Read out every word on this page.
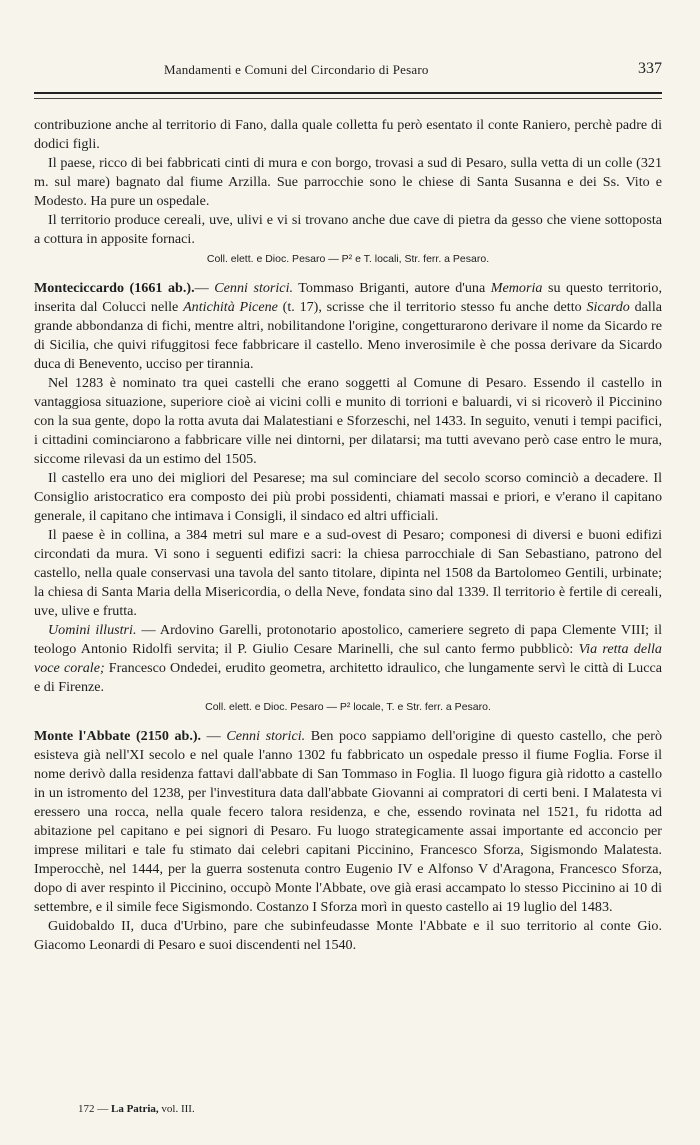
Mandamenti e Comuni del Circondario di Pesaro	337

contribuzione anche al territorio di Fano, dalla quale colletta fu però esentato il conte Raniero, perchè padre di dodici figli.

Il paese, ricco di bei fabbricati cinti di mura e con borgo, trovasi a sud di Pesaro, sulla vetta di un colle (321 m. sul mare) bagnato dal fiume Arzilla. Sue parrocchie sono le chiese di Santa Susanna e dei Ss. Vito e Modesto. Ha pure un ospedale.

Il territorio produce cereali, uve, ulivi e vi si trovano anche due cave di pietra da gesso che viene sottoposta a cottura in apposite fornaci.

Coll. elett. e Dioc. Pesaro — P² e T. locali, Str. ferr. a Pesaro.

Monteciccardo (1661 ab.).— Cenni storici. Tommaso Briganti, autore d'una Memoria su questo territorio, inserita dal Colucci nelle Antichità Picene (t. 17), scrisse che il territorio stesso fu anche detto Sicardo dalla grande abbondanza di fichi, mentre altri, nobilitandone l'origine, congetturarono derivare il nome da Sicardo re di Sicilia, che quivi rifuggitosi fece fabbricare il castello. Meno inverosimile è che possa derivare da Sicardo duca di Benevento, ucciso per tirannia.

Nel 1283 è nominato tra quei castelli che erano soggetti al Comune di Pesaro. Essendo il castello in vantaggiosa situazione, superiore cioè ai vicini colli e munito di torrioni e baluardi, vi si ricoverò il Piccinino con la sua gente, dopo la rotta avuta dai Malatestiani e Sforzeschi, nel 1433. In seguito, venuti i tempi pacifici, i cittadini cominciarono a fabbricare ville nei dintorni, per dilatarsi; ma tutti avevano però case entro le mura, siccome rilevasi da un estimo del 1505.

Il castello era uno dei migliori del Pesarese; ma sul cominciare del secolo scorso cominciò a decadere. Il Consiglio aristocratico era composto dei più probi possidenti, chiamati massai e priori, e v'erano il capitano generale, il capitano che intimava i Consigli, il sindaco ed altri ufficiali.

Il paese è in collina, a 384 metri sul mare e a sud-ovest di Pesaro; componesi di diversi e buoni edifizi circondati da mura. Vi sono i seguenti edifizi sacri: la chiesa parrocchiale di San Sebastiano, patrono del castello, nella quale conservasi una tavola del santo titolare, dipinta nel 1508 da Bartolomeo Gentili, urbinate; la chiesa di Santa Maria della Misericordia, o della Neve, fondata sino dal 1339. Il territorio è fertile di cereali, uve, ulive e frutta.

Uomini illustri. — Ardovino Garelli, protonotario apostolico, cameriere segreto di papa Clemente VIII; il teologo Antonio Ridolfi servita; il P. Giulio Cesare Marinelli, che sul canto fermo pubblicò: Via retta della voce corale; Francesco Ondedei, erudito geometra, architetto idraulico, che lungamente servì le città di Lucca e di Firenze.

Coll. elett. e Dioc. Pesaro — P² locale, T. e Str. ferr. a Pesaro.

Monte l'Abbate (2150 ab.). — Cenni storici. Ben poco sappiamo dell'origine di questo castello, che però esisteva già nell'XI secolo e nel quale l'anno 1302 fu fabbricato un ospedale presso il fiume Foglia. Forse il nome derivò dalla residenza fattavi dall'abbate di San Tommaso in Foglia. Il luogo figura già ridotto a castello in un istromento del 1238, per l'investitura data dall'abbate Giovanni ai compratori di certi beni. I Malatesta vi eressero una rocca, nella quale fecero talora residenza, e che, essendo rovinata nel 1521, fu ridotta ad abitazione pel capitano e pei signori di Pesaro. Fu luogo strategicamente assai importante ed acconcio per imprese militari e tale fu stimato dai celebri capitani Piccinino, Francesco Sforza, Sigismondo Malatesta. Imperocchè, nel 1444, per la guerra sostenuta contro Eugenio IV e Alfonso V d'Aragona, Francesco Sforza, dopo di aver respinto il Piccinino, occupò Monte l'Abbate, ove già erasi accampato lo stesso Piccinino ai 10 di settembre, e il simile fece Sigismondo. Costanzo I Sforza morì in questo castello ai 19 luglio del 1483.

Guidobaldo II, duca d'Urbino, pare che subinfeudasse Monte l'Abbate e il suo territorio al conte Gio. Giacomo Leonardi di Pesaro e suoi discendenti nel 1540.

172 — La Patria, vol. III.
